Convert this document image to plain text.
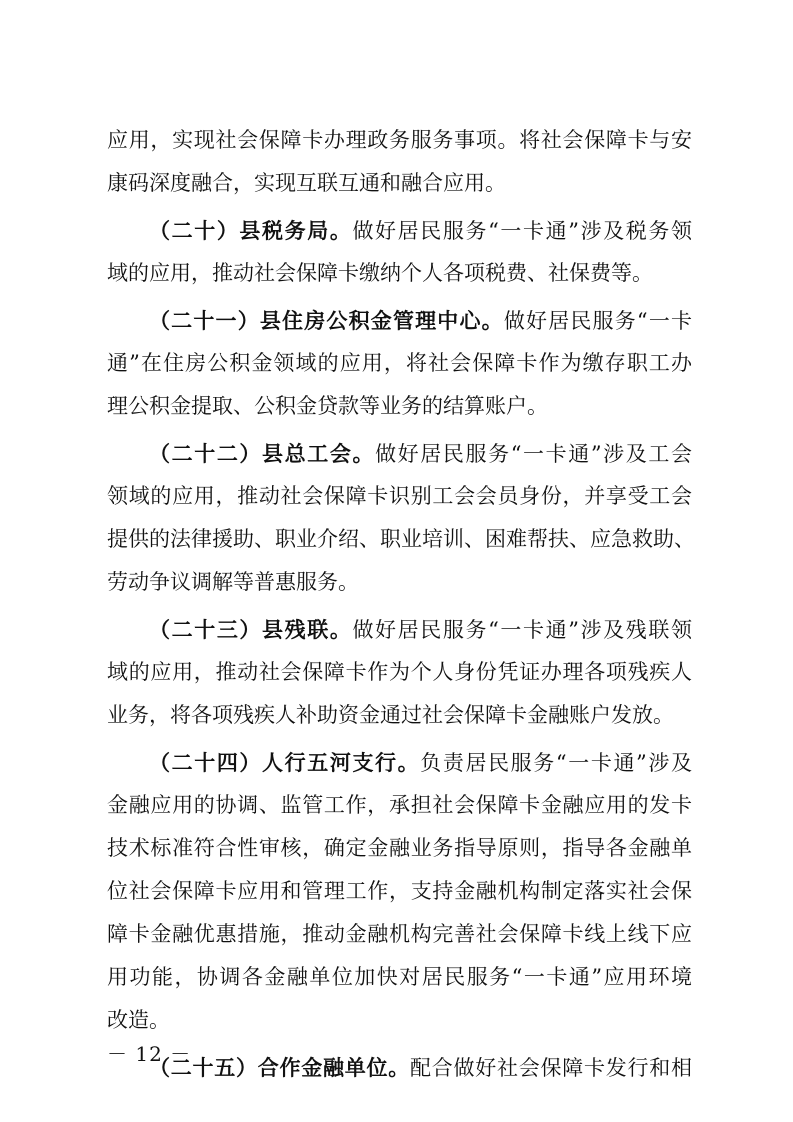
应用，实现社会保障卡办理政务服务事项。将社会保障卡与安
康码深度融合，实现互联互通和融合应用。
（二十）县税务局。做好居民服务“一卡通”涉及税务领
域的应用，推动社会保障卡缴纳个人各项税费、社保费等。
（二十一）县住房公积金管理中心。做好居民服务“一卡
通”在住房公积金领域的应用，将社会保障卡作为缴存职工办
理公积金提取、公积金贷款等业务的结算账户。
（二十二）县总工会。做好居民服务“一卡通”涉及工会
领域的应用，推动社会保障卡识别工会会员身份，并享受工会
提供的法律援助、职业介绍、职业培训、困难帮扶、应急救助、
劳动争议调解等普惠服务。
（二十三）县残联。做好居民服务“一卡通”涉及残联领
域的应用，推动社会保障卡作为个人身份凭证办理各项残疾人
业务，将各项残疾人补助资金通过社会保障卡金融账户发放。
（二十四）人行五河支行。负责居民服务“一卡通”涉及
金融应用的协调、监管工作，承担社会保障卡金融应用的发卡
技术标准符合性审核，确定金融业务指导原则，指导各金融单
位社会保障卡应用和管理工作，支持金融机构制定落实社会保
障卡金融优惠措施，推动金融机构完善社会保障卡线上线下应
用功能，协调各金融单位加快对居民服务“一卡通”应用环境
改造。
（二十五）合作金融单位。配合做好社会保障卡发行和相
－ 12 －
